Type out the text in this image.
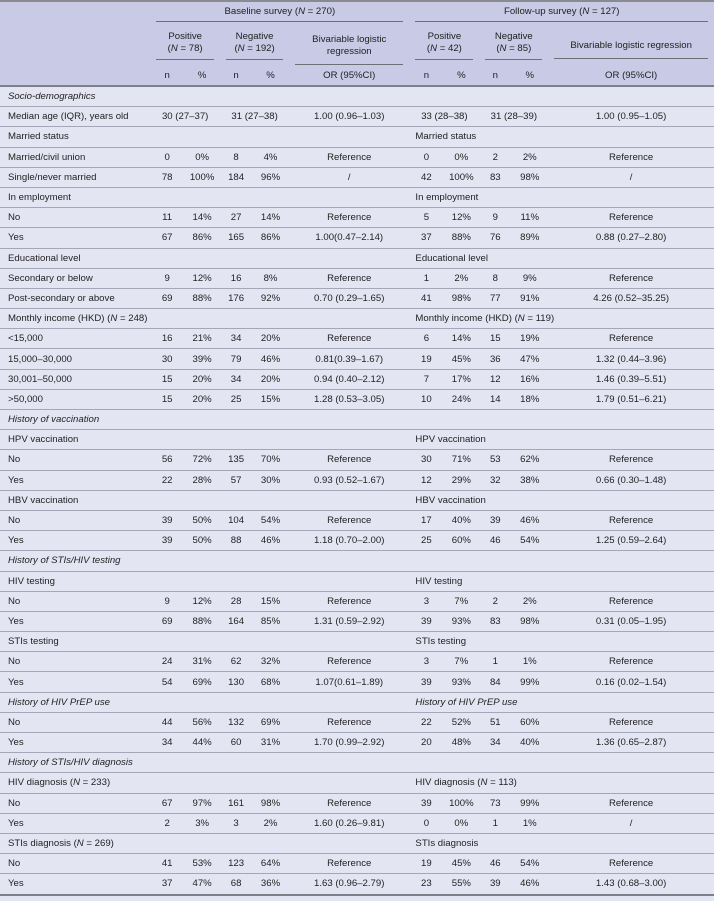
	Baseline survey (N = 270)					Follow-up survey (N = 127)				

	Positive
(N = 78)		Negative
(N = 192)		Bivariable logistic regression	Positive
(N = 42)		Negative
(N = 85)		Bivariable logistic regression

	n	%	n	%	OR (95%CI)	n	%	n	%	OR (95%CI)
Socio-demographics										
Median age (IQR), years old	30 (27–37)		31 (27–38)		1.00 (0.96–1.03)	33 (28–38)		31 (28–39)		1.00 (0.95–1.05)
Married status						Married status				
Married/civil union	0	0%	8	4%	Reference	0	0%	2	2%	Reference
Single/never married	78	100%	184	96%	/	42	100%	83	98%	/
In employment						In employment				
No	11	14%	27	14%	Reference	5	12%	9	11%	Reference
Yes	67	86%	165	86%	1.00(0.47–2.14)	37	88%	76	89%	0.88 (0.27–2.80)
Educational level						Educational level				
Secondary or below	9	12%	16	8%	Reference	1	2%	8	9%	Reference
Post-secondary or above	69	88%	176	92%	0.70 (0.29–1.65)	41	98%	77	91%	4.26 (0.52–35.25)
Monthly income (HKD) (N = 248)						Monthly income (HKD) (N = 119)				
<15,000	16	21%	34	20%	Reference	6	14%	15	19%	Reference
15,000–30,000	30	39%	79	46%	0.81(0.39–1.67)	19	45%	36	47%	1.32 (0.44–3.96)
30,001–50,000	15	20%	34	20%	0.94 (0.40–2.12)	7	17%	12	16%	1.46 (0.39–5.51)
>50,000	15	20%	25	15%	1.28 (0.53–3.05)	10	24%	14	18%	1.79 (0.51–6.21)
History of vaccination										
HPV vaccination						HPV vaccination				
No	56	72%	135	70%	Reference	30	71%	53	62%	Reference
Yes	22	28%	57	30%	0.93 (0.52–1.67)	12	29%	32	38%	0.66 (0.30–1.48)
HBV vaccination						HBV vaccination				
No	39	50%	104	54%	Reference	17	40%	39	46%	Reference
Yes	39	50%	88	46%	1.18 (0.70–2.00)	25	60%	46	54%	1.25 (0.59–2.64)
History of STIs/HIV testing										
HIV testing						HIV testing				
No	9	12%	28	15%	Reference	3	7%	2	2%	Reference
Yes	69	88%	164	85%	1.31 (0.59–2.92)	39	93%	83	98%	0.31 (0.05–1.95)
STIs testing						STIs testing				
No	24	31%	62	32%	Reference	3	7%	1	1%	Reference
Yes	54	69%	130	68%	1.07(0.61–1.89)	39	93%	84	99%	0.16 (0.02–1.54)
History of HIV PrEP use						History of HIV PrEP use				
No	44	56%	132	69%	Reference	22	52%	51	60%	Reference
Yes	34	44%	60	31%	1.70 (0.99–2.92)	20	48%	34	40%	1.36 (0.65–2.87)
History of STIs/HIV diagnosis										
HIV diagnosis (N = 233)						HIV diagnosis (N = 113)				
No	67	97%	161	98%	Reference	39	100%	73	99%	Reference
Yes	2	3%	3	2%	1.60 (0.26–9.81)	0	0%	1	1%	/
STIs diagnosis (N = 269)						STIs diagnosis				
No	41	53%	123	64%	Reference	19	45%	46	54%	Reference
Yes	37	47%	68	36%	1.63 (0.96–2.79)	23	55%	39	46%	1.43 (0.68–3.00)
